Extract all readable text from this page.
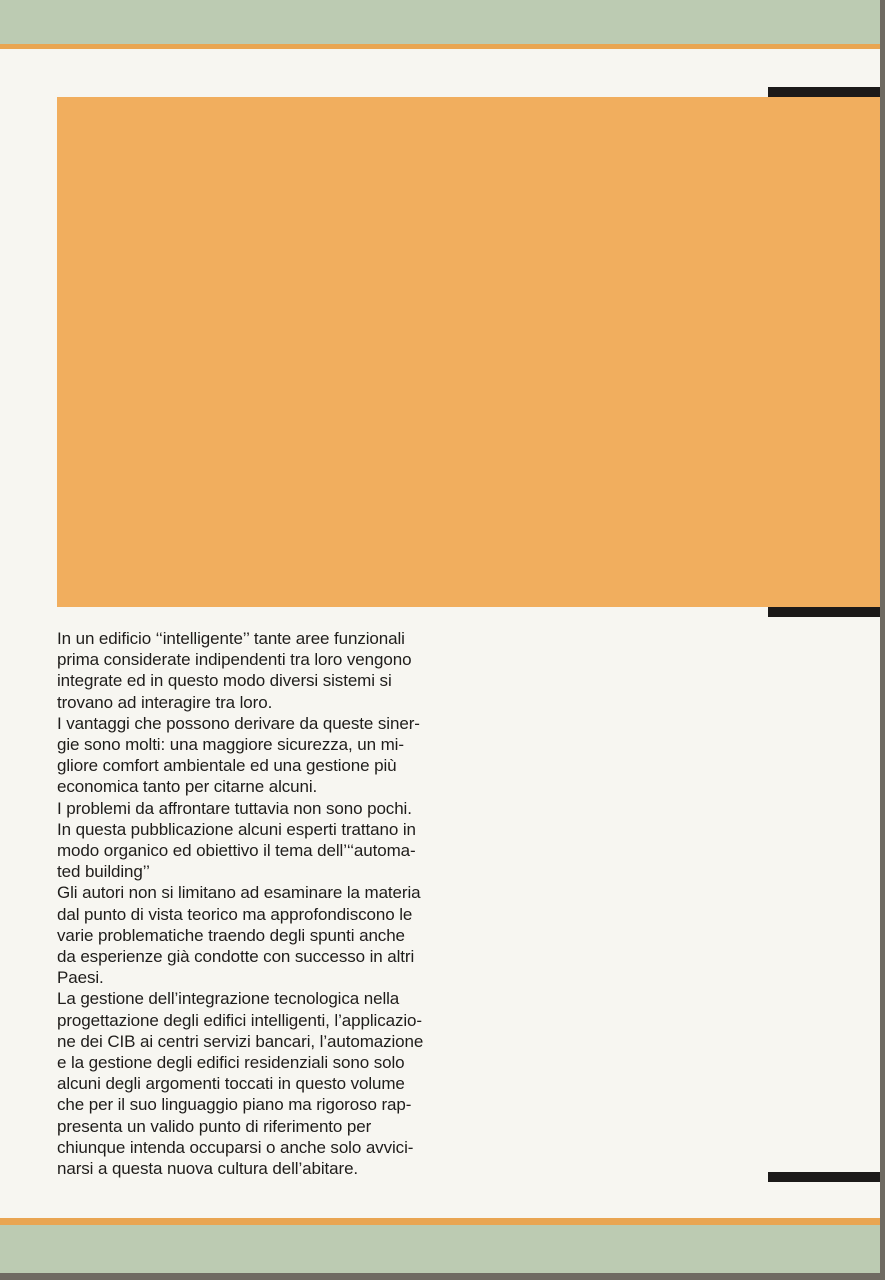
In un edificio ‘‘intelligente’’ tante aree funzionali
prima considerate indipendenti tra loro vengono
integrate ed in questo modo diversi sistemi si
trovano ad interagire tra loro.
I vantaggi che possono derivare da queste siner-
gie sono molti: una maggiore sicurezza, un mi-
gliore comfort ambientale ed una gestione più
economica tanto per citarne alcuni.
I problemi da affrontare tuttavia non sono pochi.
In questa pubblicazione alcuni esperti trattano in
modo organico ed obiettivo il tema dell’‘‘automa-
ted building’’
Gli autori non si limitano ad esaminare la materia
dal punto di vista teorico ma approfondiscono le
varie problematiche traendo degli spunti anche
da esperienze già condotte con successo in altri
Paesi.
La gestione dell’integrazione tecnologica nella
progettazione degli edifici intelligenti, l’applicazio-
ne dei CIB ai centri servizi bancari, l’automazione
e la gestione degli edifici residenziali sono solo
alcuni degli argomenti toccati in questo volume
che per il suo linguaggio piano ma rigoroso rap-
presenta un valido punto di riferimento per
chiunque intenda occuparsi o anche solo avvici-
narsi a questa nuova cultura dell’abitare.
